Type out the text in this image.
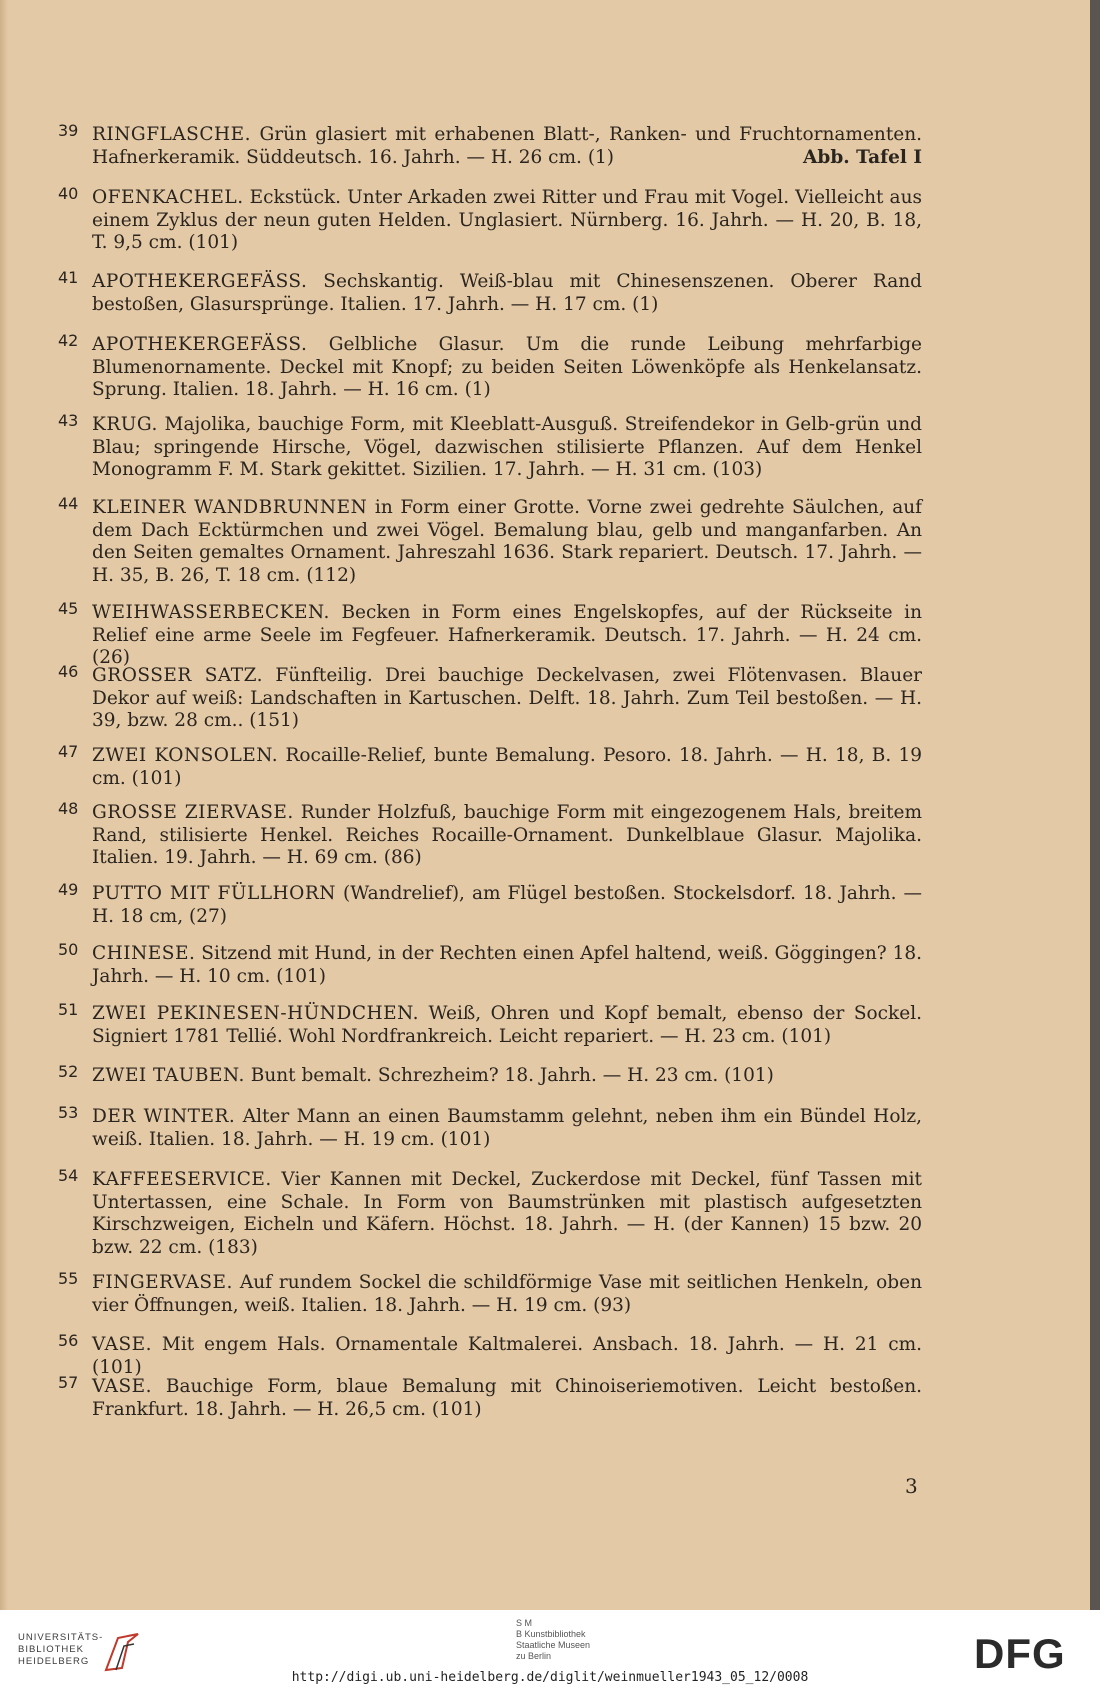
39 RINGFLASCHE. Grün glasiert mit erhabenen Blatt-, Ranken- und Fruchtornamenten. Hafnerkeramik. Süddeutsch. 16. Jahrh. — H. 26 cm. (1)	Abb. Tafel I
40 OFENKACHEL. Eckstück. Unter Arkaden zwei Ritter und Frau mit Vogel. Vielleicht aus einem Zyklus der neun guten Helden. Unglasiert. Nürnberg. 16. Jahrh. — H. 20, B. 18, T. 9,5 cm. (101)
41 APOTHEKERGEFÄSS. Sechskantig. Weiß-blau mit Chinesenszenen. Oberer Rand bestoßen, Glasursprünge. Italien. 17. Jahrh. — H. 17 cm. (1)
42 APOTHEKERGEFÄSS. Gelbliche Glasur. Um die runde Leibung mehrfarbige Blumenornamente. Deckel mit Knopf; zu beiden Seiten Löwenköpfe als Henkelansatz. Sprung. Italien. 18. Jahrh. — H. 16 cm. (1)
43 KRUG. Majolika, bauchige Form, mit Kleeblatt-Ausguß. Streifendekor in Gelb-grün und Blau; springende Hirsche, Vögel, dazwischen stilisierte Pflanzen. Auf dem Henkel Monogramm F. M. Stark gekittet. Sizilien. 17. Jahrh. — H. 31 cm. (103)
44 KLEINER WANDBRUNNEN in Form einer Grotte. Vorne zwei gedrehte Säulchen, auf dem Dach Ecktürmchen und zwei Vögel. Bemalung blau, gelb und manganfarben. An den Seiten gemaltes Ornament. Jahreszahl 1636. Stark repariert. Deutsch. 17. Jahrh. — H. 35, B. 26, T. 18 cm. (112)
45 WEIHWASSERBECKEN. Becken in Form eines Engelskopfes, auf der Rückseite in Relief eine arme Seele im Fegfeuer. Hafnerkeramik. Deutsch. 17. Jahrh. — H. 24 cm. (26)
46 GROSSER SATZ. Fünfteilig. Drei bauchige Deckelvasen, zwei Flötenvasen. Blauer Dekor auf weiß: Landschaften in Kartuschen. Delft. 18. Jahrh. Zum Teil bestoßen. — H. 39, bzw. 28 cm.. (151)
47 ZWEI KONSOLEN. Rocaille-Relief, bunte Bemalung. Pesoro. 18. Jahrh. — H. 18, B. 19 cm. (101)
48 GROSSE ZIERVASE. Runder Holzfuß, bauchige Form mit eingezogenem Hals, breitem Rand, stilisierte Henkel. Reiches Rocaille-Ornament. Dunkelblaue Glasur. Majolika. Italien. 19. Jahrh. — H. 69 cm. (86)
49 PUTTO MIT FÜLLHORN (Wandrelief), am Flügel bestoßen. Stockelsdorf. 18. Jahrh. — H. 18 cm, (27)
50 CHINESE. Sitzend mit Hund, in der Rechten einen Apfel haltend, weiß. Göggingen? 18. Jahrh. — H. 10 cm. (101)
51 ZWEI PEKINESEN-HÜNDCHEN. Weiß, Ohren und Kopf bemalt, ebenso der Sockel. Signiert 1781 Tellié. Wohl Nordfrankreich. Leicht repariert. — H. 23 cm. (101)
52 ZWEI TAUBEN. Bunt bemalt. Schrezheim? 18. Jahrh. — H. 23 cm. (101)
53 DER WINTER. Alter Mann an einen Baumstamm gelehnt, neben ihm ein Bündel Holz, weiß. Italien. 18. Jahrh. — H. 19 cm. (101)
54 KAFFEESERVICE. Vier Kannen mit Deckel, Zuckerdose mit Deckel, fünf Tassen mit Untertassen, eine Schale. In Form von Baumstrünken mit plastisch aufgesetzten Kirschzweigen, Eicheln und Käfern. Höchst. 18. Jahrh. — H. (der Kannen) 15 bzw. 20 bzw. 22 cm. (183)
55 FINGERVASE. Auf rundem Sockel die schildförmige Vase mit seitlichen Henkeln, oben vier Öffnungen, weiß. Italien. 18. Jahrh. — H. 19 cm. (93)
56 VASE. Mit engem Hals. Ornamentale Kaltmalerei. Ansbach. 18. Jahrh. — H. 21 cm. (101)
57 VASE. Bauchige Form, blaue Bemalung mit Chinoiseriemotiven. Leicht bestoßen. Frankfurt. 18. Jahrh. — H. 26,5 cm. (101)
3
UNIVERSITÄTS-
BIBLIOTHEK
HEIDELBERG
S M
B Kunstbibliothek
Staatliche Museen
zu Berlin	DFG
http://digi.ub.uni-heidelberg.de/diglit/weinmueller1943_05_12/0008
